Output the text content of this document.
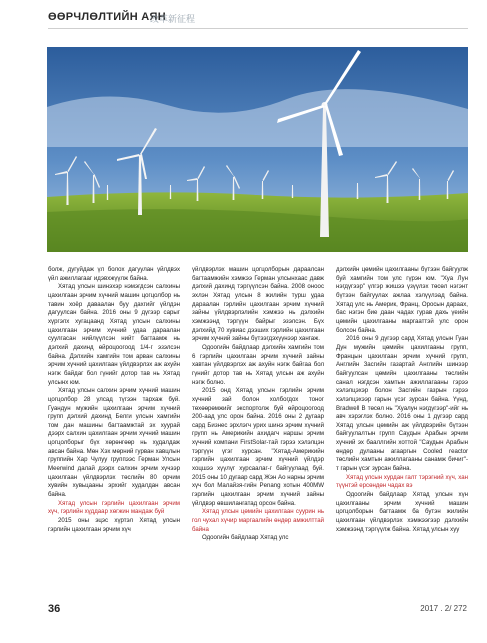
ӨӨРЧЛӨЛТИЙН АЯН
改革新征程

болж, дугуйдаж үл болох дагуулан үйлдвэх үйл ажиллагааг идэвхжүүлж байна.

Хятад улсын шинэхэр нэмэгдсэн салхины цахилгаан эрчим хүчний машин цогцолбор нь тавин хоёр даваалан буу дахгийг үйлдэн дагуулсан байна. 2016 оны 9 дүгээр сарыг хүргэлх хугацаанд Хятад улсын салхины цахилгаан эрчим хүчний удаа дараалан суулгасан нийлүүлсэн нийт багтаамж нь дэлхий дахинд өйроцоогоод 1/4-г эзэлсэн байна. Дэлхийн хамгийн том арван салхины эрчим хүчний цахилгаан үйлдвэрлэх аж ахуйн нэгж байдаг бол гүнийг дотор тав нь Хятад улсынх юм.

Хятад улсын салхин эрчим хүчний машин цогцолбор 28 улсад түгээн тархаж буй. Гуандун мужийн цахилгаан эрчим хүчний групп дэлхий дахинд Белги улсын хамгийн том дан машины багтаамжтай эх хуурай дээрх салхин цахилгаан эрчим хүчний машин цогцолборыг бүх хөрөнгөөр нь худалдаж авсан байна. Мөн Хэх мөрний гурван хавцлын группийн Хар Чулуу группээс Герман Улсын Meerwind далай дээрх салхин эрчим хүчээр цахилгаан үйлдвэрлэх төслийн 80 орчим хувийн хувьцааны эрхийг худалдан авсан байна.

Хятад улсын гэрлийн цахилгаан эрчим хүч, гэрлийн хүддаар хөгжин мандаж буй

2015 оны эцэс хүртэл Хятад улсын гэрлийн цахилгаан эрчим хүч

үйлдвэрлэх машин цогцолборын дараалсан багтаамжийн хэмжээ Герман улсынхаас давж дэлхий дахинд тэргүүлсэн байна. 2008 оноос эхлэн Хятад улсын 8 жилийн турш удаа дараалан гэрлийн цахилгаан эрчим хүчний зайны үйлдвэрлэлийн хэмжээ нь дэлхийн хэмжээнд тэргүүн байрыг эзэлсэн. Бүх дэлхийд 70 хувиас дээших гэрлийн цахилгаан эрчим хүчний зайны бүтээгдэхүүнээр хангаж.

Одоогийн байдлаар дэлхийн хамгийн том 6 гэрлийн цахилгаан эрчим хүчний зайны хавтан үйлдвэрлэх аж ахуйн нэгж байгаа бол гүнийг дотор тав нь Хятад улсын аж ахуйн нэгж болно.

2015 онд Хятад улсын гэрлийн эрчим хүчний зай болон холбогдох тоног төхөөрөмжийг экспортолж буй өйроцоогоод 200-аад улс орон байна. 2016 оны 2 дугаар сард Бизнес эрхлэгч урих шинэ эрчим хүчний групп нь Америкийн ахидагч наршы эрчим хүчний компани FirstSolar-тай гэрээ хэлэлцэн тэргүүн үгэг хурсан. "Хятад-Америкийн гэрлийн цахилгаан эрчим хүчний үйлдэр хоцшээ хүүлүг хурсаалаг-г байгуулаад буй. 2015 оны 10 дугаар сард Жэн Ао нарны эрчим хүч бол Малайзя-гийн Penang хотын 400МW гэрлийн цахилгаан эрчим хүчний зайны үйлдвэр өвшилангатад орсон байна.

Хятад улсын цөмийн цахилгаан суурин нь гол чухал хүчир маргаалийн өндөр амжилттай байна

Одоогийн байдлаар Хятад улс

дэлхийн цөмийн цахилгааны бүтээн байгуулж буй хамгийн том улс гүрэн юм. "Хуа Лун нэгдүгээр" үлгэр жишээ үзүүлэх төсөл нэгэнт бүтээн байгуулах ажлаа хэлүүлэад байна. Хятад улс нь Америк, Франц, Оросын дараах, бас нэгэн бие даан чадах гурав дахь үеийн цөмийн цахилгааны маргааттэй улс орон болсон байна.

2016 оны 9 дүгээр сард Хятад улсын Гуан Дун мужийн цөмийн цахилгааны групп, Францын цахилгаан эрчим хүчний групп, Английн Засгийн газартай Английн шинээр байгуулсан цөмийн цахилгааны төслийн санал нэгдсэн хамтын ажиллагааны гэрээ хэлэлцэхэр болон Засгийн газрын гэрээ хэлэлцэхээр гарын үсэг зурсан байна. Үүнд, Bradwell B төсөл нь "Хуалун нэгдүгээр"-ийг нь авч хэрэглэх болно. 2016 оны 1 дүгээр сард Хятад улсын цөмийн аж үйлдвэрийн бүтээн байгуулалтын групп Саудын Арабын эрчим хүчний эх бааллгийн хоттой "Саудын Арабын өндөр дулааны агааргын Cooled reactor төслийн хамтын ажиллагааны санамж бичиг"-т гарын үсэг зурсан байна.

Хятад улсын хурдан галт тэрэгний хүч, хан түүнтэй ерсөндөн чадах вэ

Одоогийн байдлаар Хятад улсын хүн цахилгааны эрчим хүчний машин цогцолборын багтаамж ба бутэн жилийн цахилгаан үйлдвэрлэх хэмжээгээр дэлхийн хэмжээнд тэргүүлж байна. Хятад улсын хуу

36	2017 . 2/ 272
